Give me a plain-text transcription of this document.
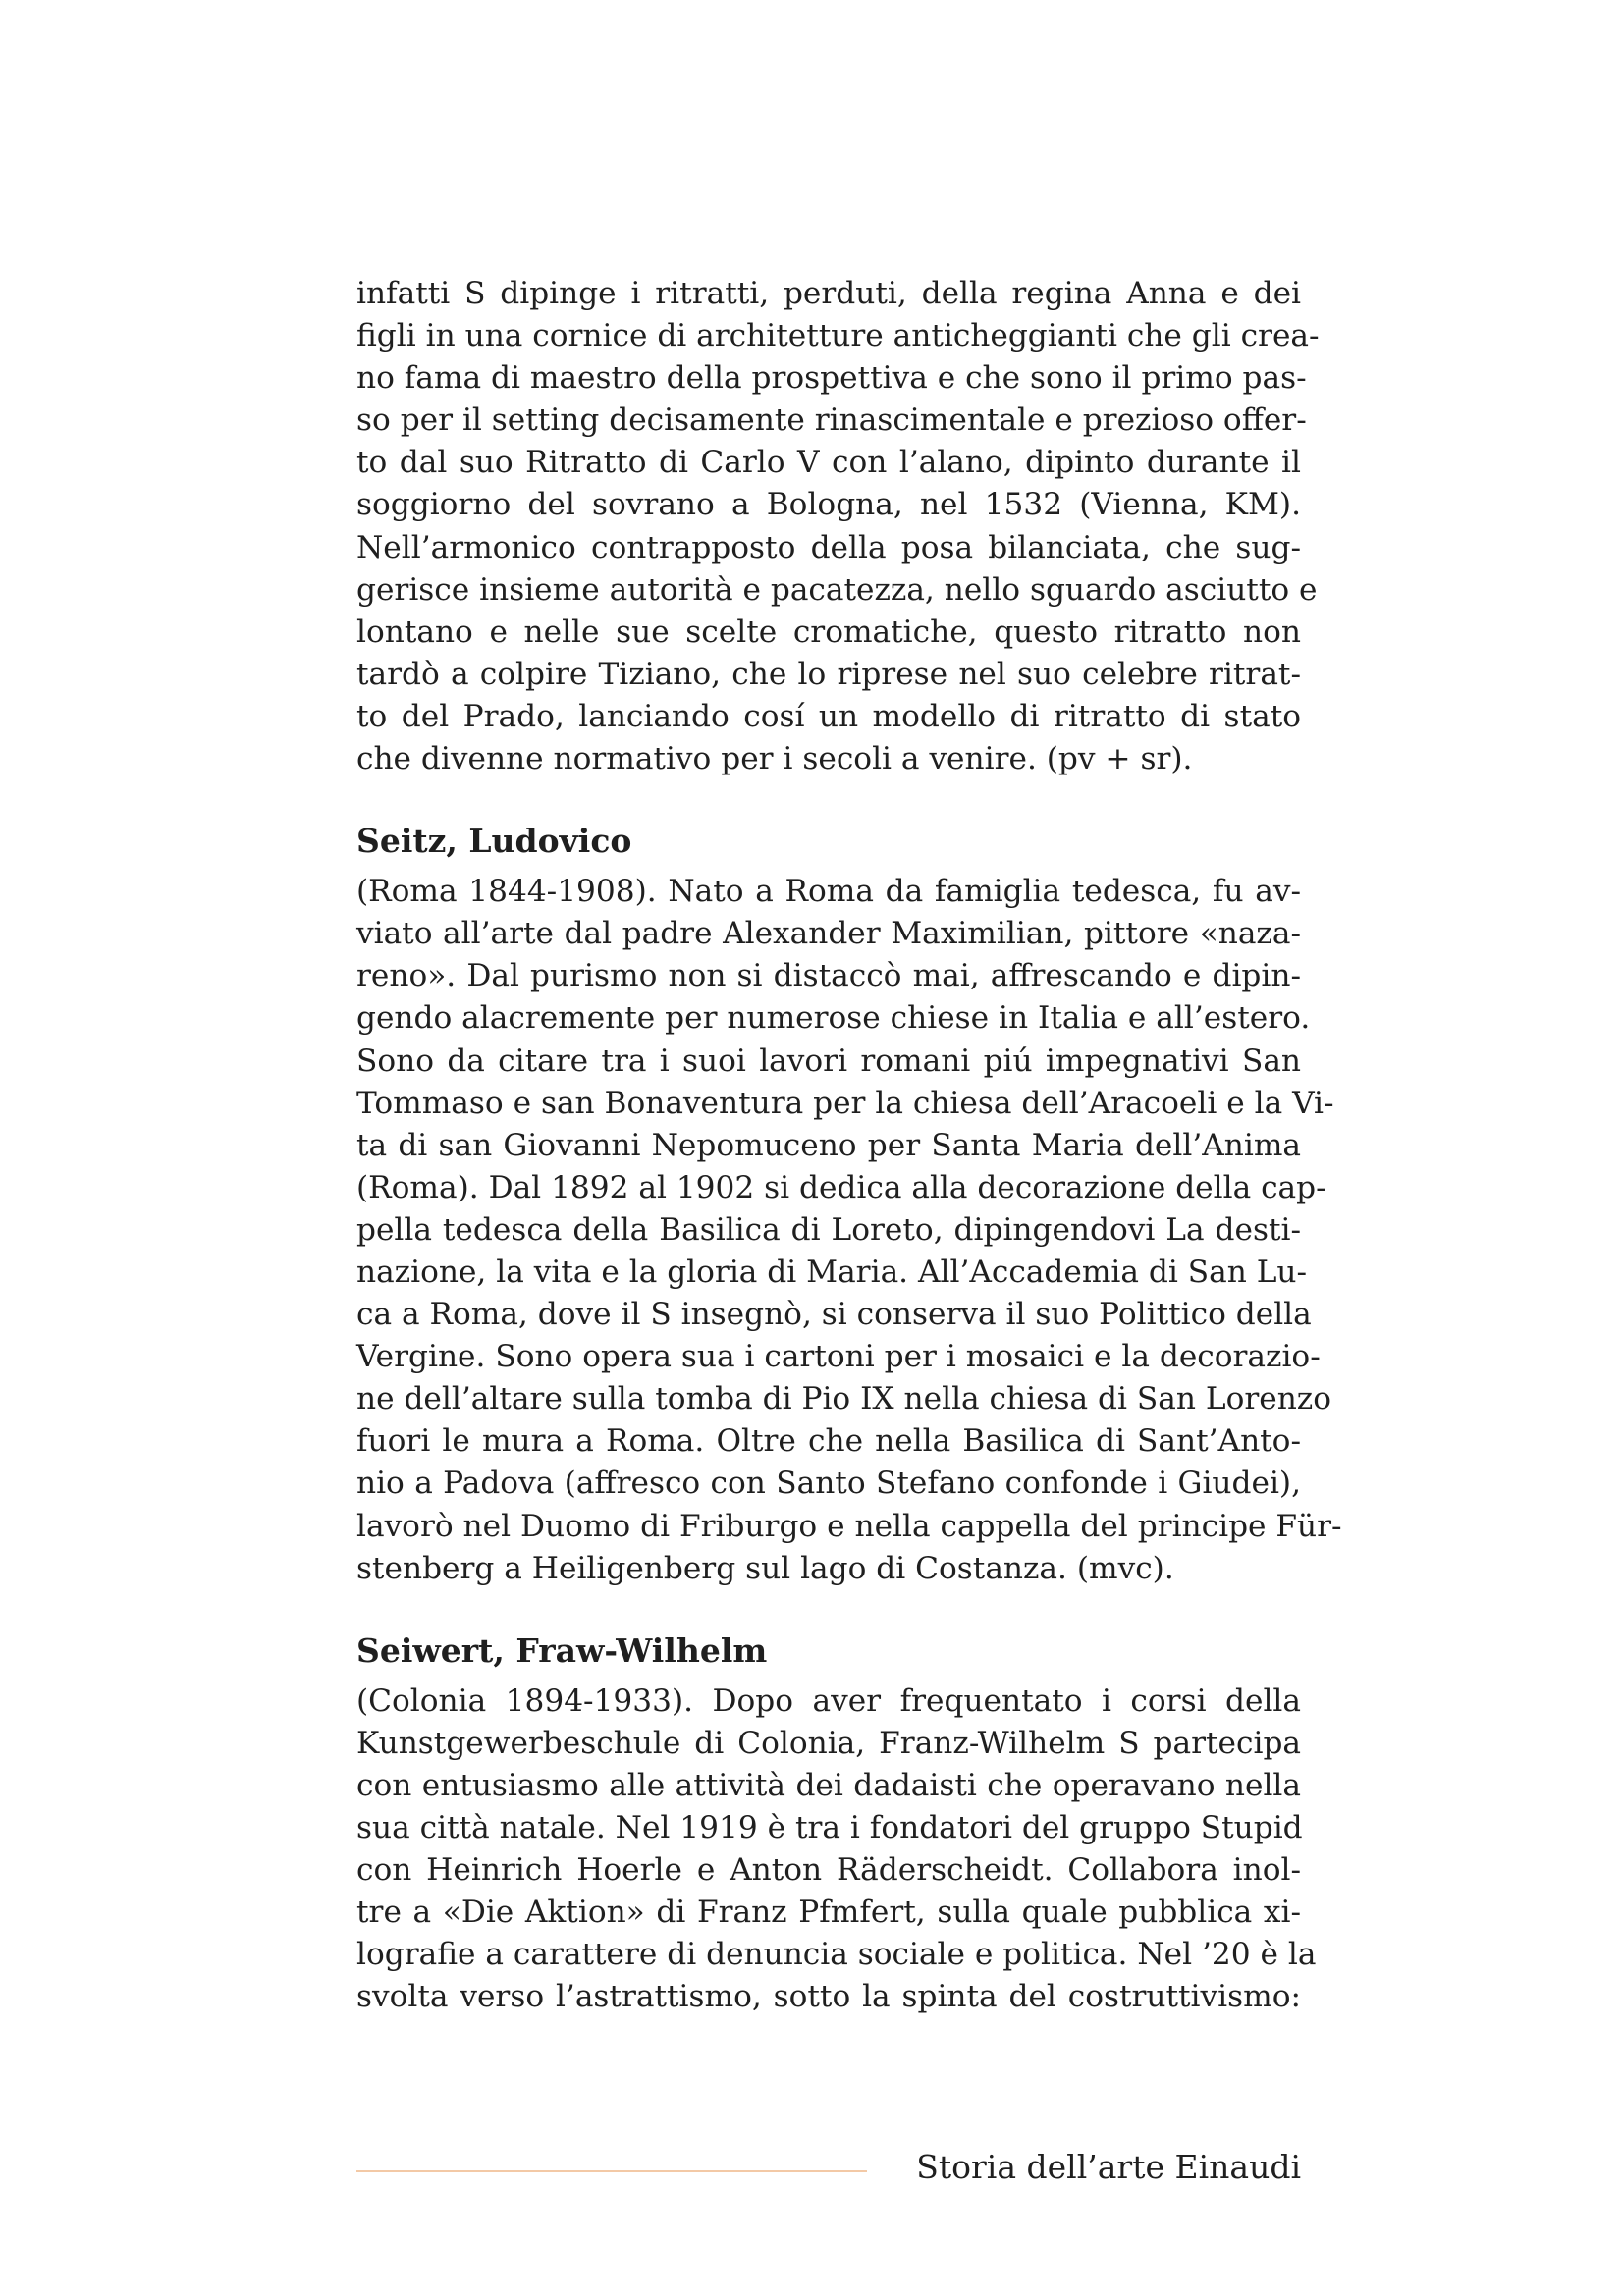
infatti S dipinge i ritratti, perduti, della regina Anna e dei
figli in una cornice di architetture anticheggianti che gli crea-
no fama di maestro della prospettiva e che sono il primo pas-
so per il setting decisamente rinascimentale e prezioso offer-
to dal suo Ritratto di Carlo V con l’alano, dipinto durante il
soggiorno del sovrano a Bologna, nel 1532 (Vienna, KM).
Nell’armonico contrapposto della posa bilanciata, che sug-
gerisce insieme autorità e pacatezza, nello sguardo asciutto e
lontano e nelle sue scelte cromatiche, questo ritratto non
tardò a colpire Tiziano, che lo riprese nel suo celebre ritrat-
to del Prado, lanciando cosí un modello di ritratto di stato
che divenne normativo per i secoli a venire. (pv + sr).
Seitz, Ludovico
(Roma 1844-1908). Nato a Roma da famiglia tedesca, fu av-
viato all’arte dal padre Alexander Maximilian, pittore «naza-
reno». Dal purismo non si distaccò mai, affrescando e dipin-
gendo alacremente per numerose chiese in Italia e all’estero.
Sono da citare tra i suoi lavori romani piú impegnativi San
Tommaso e san Bonaventura per la chiesa dell’Aracoeli e la Vi-
ta di san Giovanni Nepomuceno per Santa Maria dell’Anima
(Roma). Dal 1892 al 1902 si dedica alla decorazione della cap-
pella tedesca della Basilica di Loreto, dipingendovi La desti-
nazione, la vita e la gloria di Maria. All’Accademia di San Lu-
ca a Roma, dove il S insegnò, si conserva il suo Polittico della
Vergine. Sono opera sua i cartoni per i mosaici e la decorazio-
ne dell’altare sulla tomba di Pio IX nella chiesa di San Lorenzo
fuori le mura a Roma. Oltre che nella Basilica di Sant’Anto-
nio a Padova (affresco con Santo Stefano confonde i Giudei),
lavorò nel Duomo di Friburgo e nella cappella del principe Für-
stenberg a Heiligenberg sul lago di Costanza. (mvc).
Seiwert, Fraw-Wilhelm
(Colonia 1894-1933). Dopo aver frequentato i corsi della
Kunstgewerbeschule di Colonia, Franz-Wilhelm S partecipa
con entusiasmo alle attività dei dadaisti che operavano nella
sua città natale. Nel 1919 è tra i fondatori del gruppo Stupid
con Heinrich Hoerle e Anton Räderscheidt. Collabora inol-
tre a «Die Aktion» di Franz Pfmfert, sulla quale pubblica xi-
lografie a carattere di denuncia sociale e politica. Nel ’20 è la
svolta verso l’astrattismo, sotto la spinta del costruttivismo:
Storia dell’arte Einaudi
